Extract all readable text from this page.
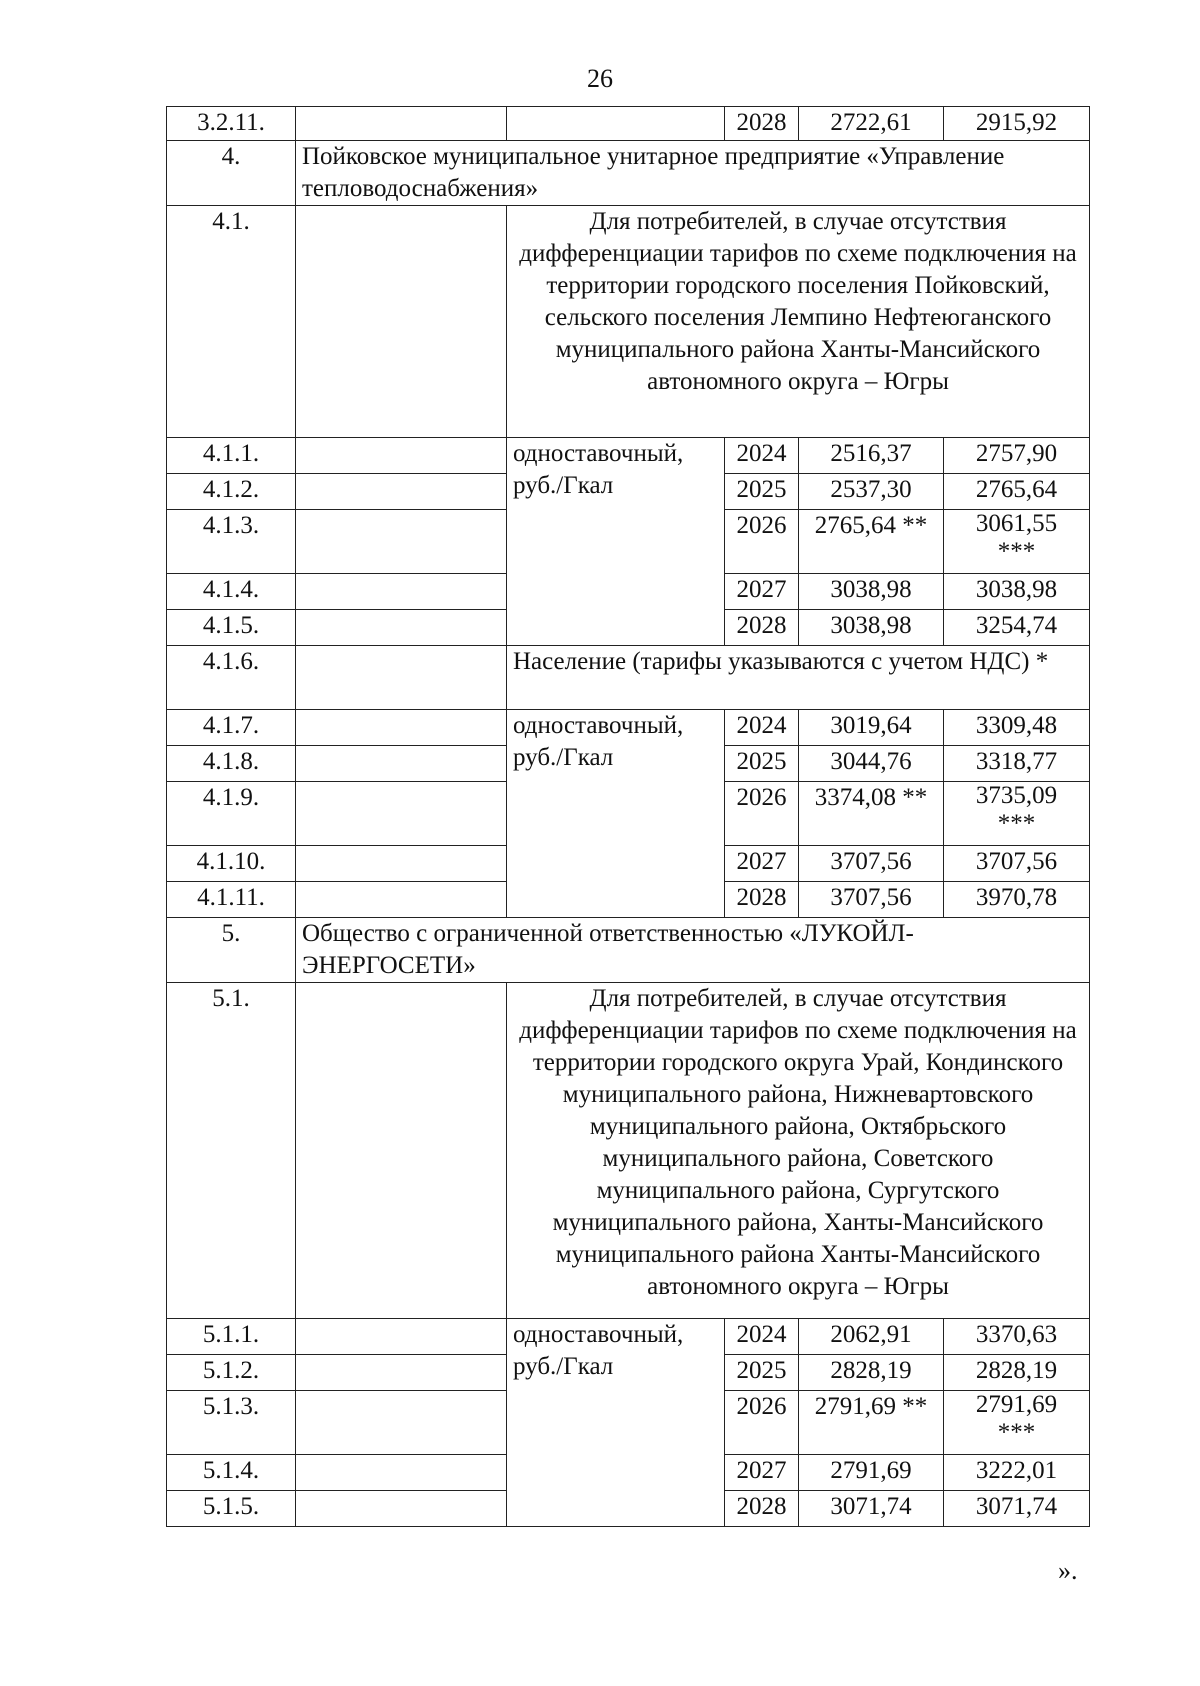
26
3.2.11.			2028	2722,61	2915,92
4.	Пойковское муниципальное унитарное предприятие «Управление тепловодоснабжения»				
4.1.		Для потребителей, в случае отсутствия дифференциации тарифов по схеме подключения на территории городского поселения Пойковский, сельского поселения Лемпино Нефтеюганского муниципального района Ханты-Мансийского автономного округа – Югры			
4.1.1.		одноставочный, руб./Гкал	2024	2516,37	2757,90
4.1.2.			2025	2537,30	2765,64
4.1.3.			2026	2765,64 **	3061,55
***

4.1.4.			2027	3038,98	3038,98
4.1.5.			2028	3038,98	3254,74
4.1.6.		Население (тарифы указываются с учетом НДС) *			
4.1.7.		одноставочный, руб./Гкал	2024	3019,64	3309,48
4.1.8.			2025	3044,76	3318,77
4.1.9.			2026	3374,08 **	3735,09
***

4.1.10.			2027	3707,56	3707,56
4.1.11.			2028	3707,56	3970,78
5.	Общество с ограниченной ответственностью «ЛУКОЙЛ-ЭНЕРГОСЕТИ»				
5.1.		Для потребителей, в случае отсутствия дифференциации тарифов по схеме подключения на территории городского округа Урай, Кондинского муниципального района, Нижневартовского муниципального района, Октябрьского муниципального района, Советского муниципального района, Сургутского муниципального района, Ханты-Мансийского муниципального района Ханты-Мансийского автономного округа – Югры			
5.1.1.		одноставочный, руб./Гкал	2024	2062,91	3370,63
5.1.2.			2025	2828,19	2828,19
5.1.3.			2026	2791,69 **	2791,69
***

5.1.4.			2027	2791,69	3222,01
5.1.5.			2028	3071,74	3071,74
».
